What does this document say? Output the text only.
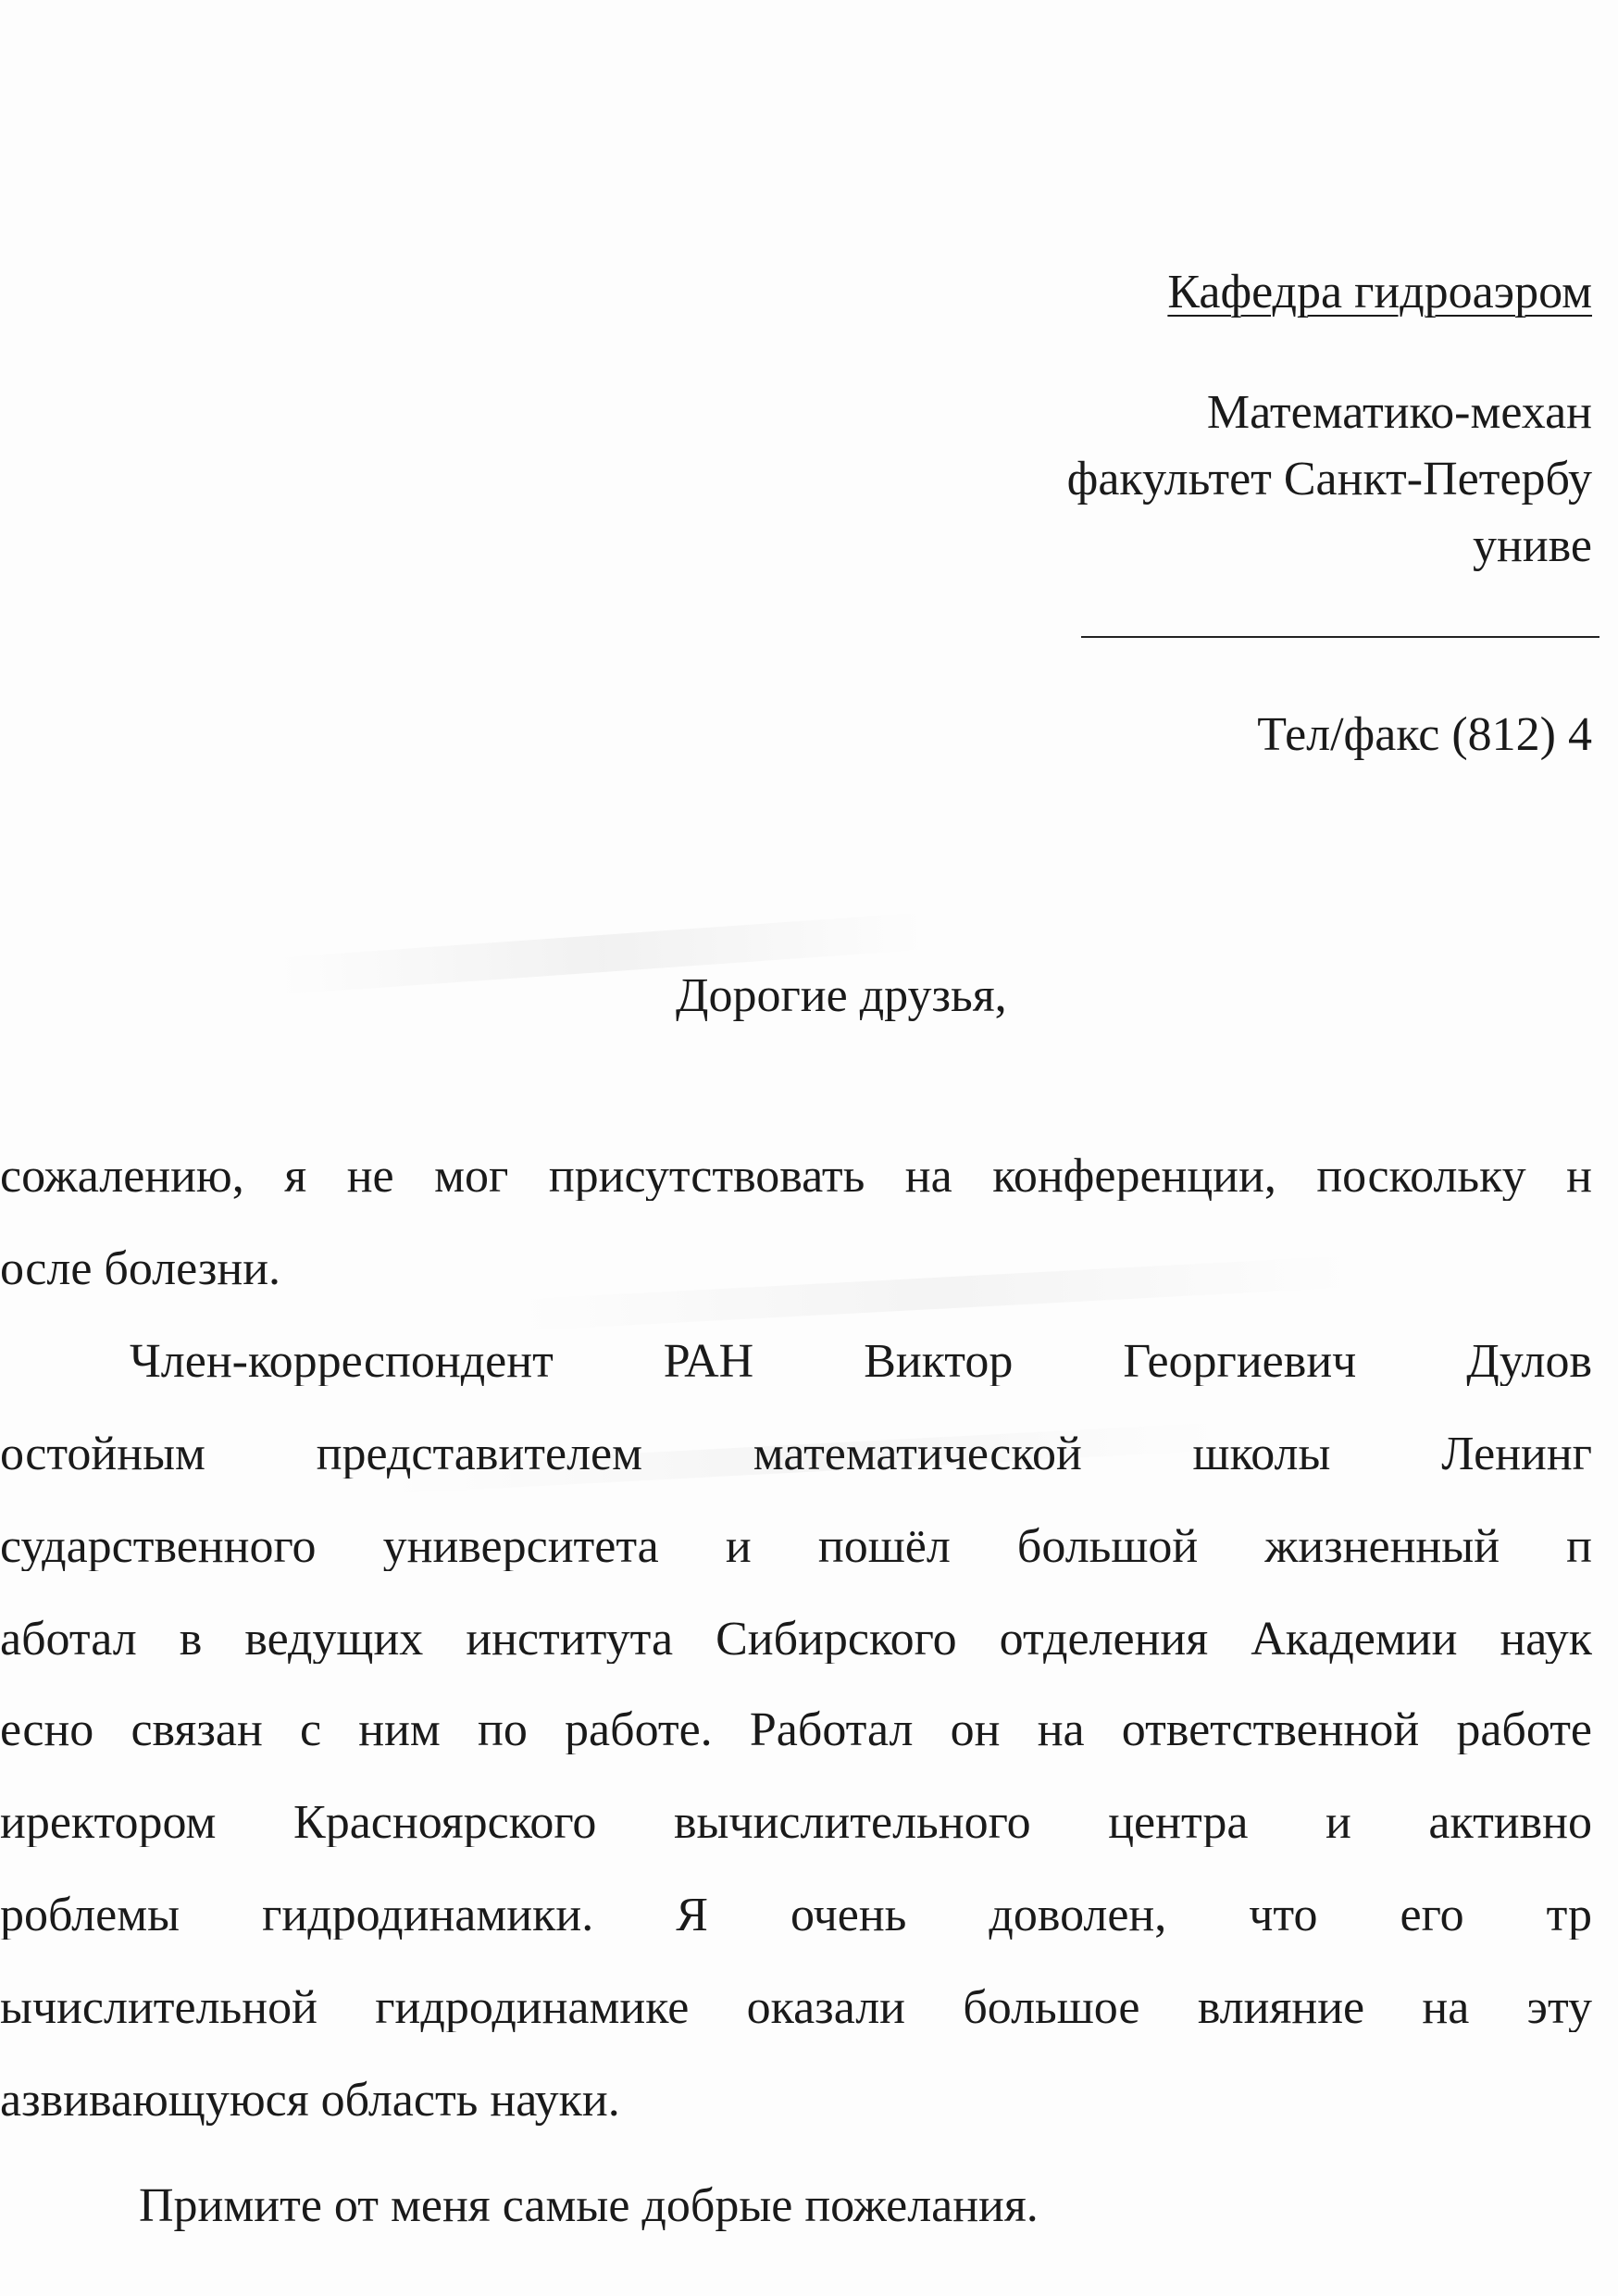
Кафедра гидроаэром
Математико-механ
факультет Санкт-Петербу
униве
Тел/факс (812) 4
Дорогие друзья,
сожалению, я не мог присутствовать на конференции, поскольку н
осле болезни.
Член-корреспондент РАН Виктор Георгиевич Дулов
остойным представителем математической школы Ленинг
сударственного университета и пошёл большой жизненный п
аботал в ведущих института Сибирского отделения Академии наук
есно связан с ним по работе. Работал он на ответственной работе
иректором Красноярского вычислительного центра и активно
роблемы гидродинамики. Я очень доволен, что его тр
ычислительной гидродинамике оказали большое влияние на эту
азвивающуюся область науки.
Примите от меня самые добрые пожелания.
